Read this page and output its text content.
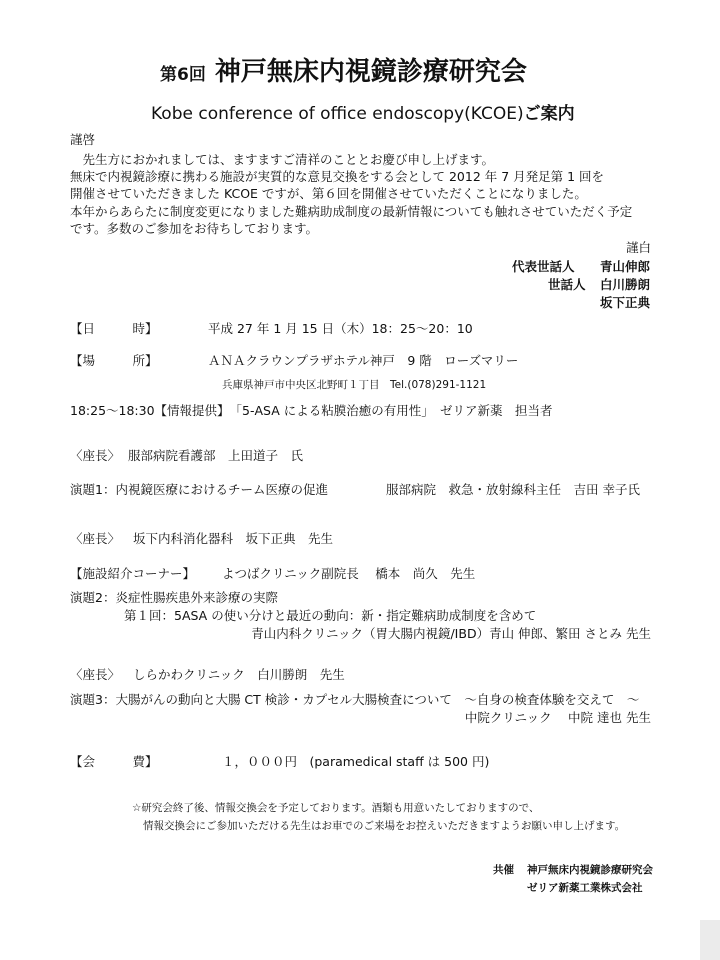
第6回 神戸無床内視鏡診療研究会
Kobe conference of office endoscopy(KCOE)ご案内
謹啓
　先生方におかれましては、ますますご清祥のこととお慶び申し上げます。
無床で内視鏡診療に携わる施設が実質的な意見交換をする会として 2012 年 7 月発足第 1 回を
開催させていただきました KCOE ですが、第６回を開催させていただくことになりました。
本年からあらたに制度変更になりました難病助成制度の最新情報についても触れさせていただく予定
です。多数のご参加をお待ちしております。
謹白
代表世話人 青山伸郎
世話人 白川勝朗
坂下正典
【日　　　時】	平成 27 年 1 月 15 日（木）18：25〜20：10
【場　　　所】	ＡＮＡクラウンプラザホテル神戸　9 階　ローズマリー
兵庫県神戸市中央区北野町１丁目　Tel.(078)291-1121
18:25〜18:30【情報提供】　「5-ASA による粘膜治癒の有用性」　ゼリア新薬　担当者
〈座長〉 服部病院看護部　上田道子　氏
演題1：内視鏡医療におけるチーム医療の促進	服部病院　救急・放射線科主任　吉田 幸子氏
〈座長〉 坂下内科消化器科　坂下正典　先生
【施設紹介コーナー】 よつばクリニック副院長　 橋本　尚久　先生
演題2：炎症性腸疾患外来診療の実際
第１回：5ASA の使い分けと最近の動向：新・指定難病助成制度を含めて
青山内科クリニック（胃大腸内視鏡/IBD）青山 伸郎、繁田 さとみ 先生
〈座長〉 しらかわクリニック　白川勝朗　先生
演題3：大腸がんの動向と大腸 CT 検診・カプセル大腸検査について　〜自身の検査体験を交えて　〜
中院クリニック　 中院 達也 先生
【会　　　費】	１，０００円　(paramedical staff は 500 円)
☆研究会終了後、情報交換会を予定しております。酒類も用意いたしておりますので、
情報交換会にご参加いただける先生はお車でのご来場をお控えいただきますようお願い申し上げます。
共催 神戸無床内視鏡診療研究会
ゼリア新薬工業株式会社
